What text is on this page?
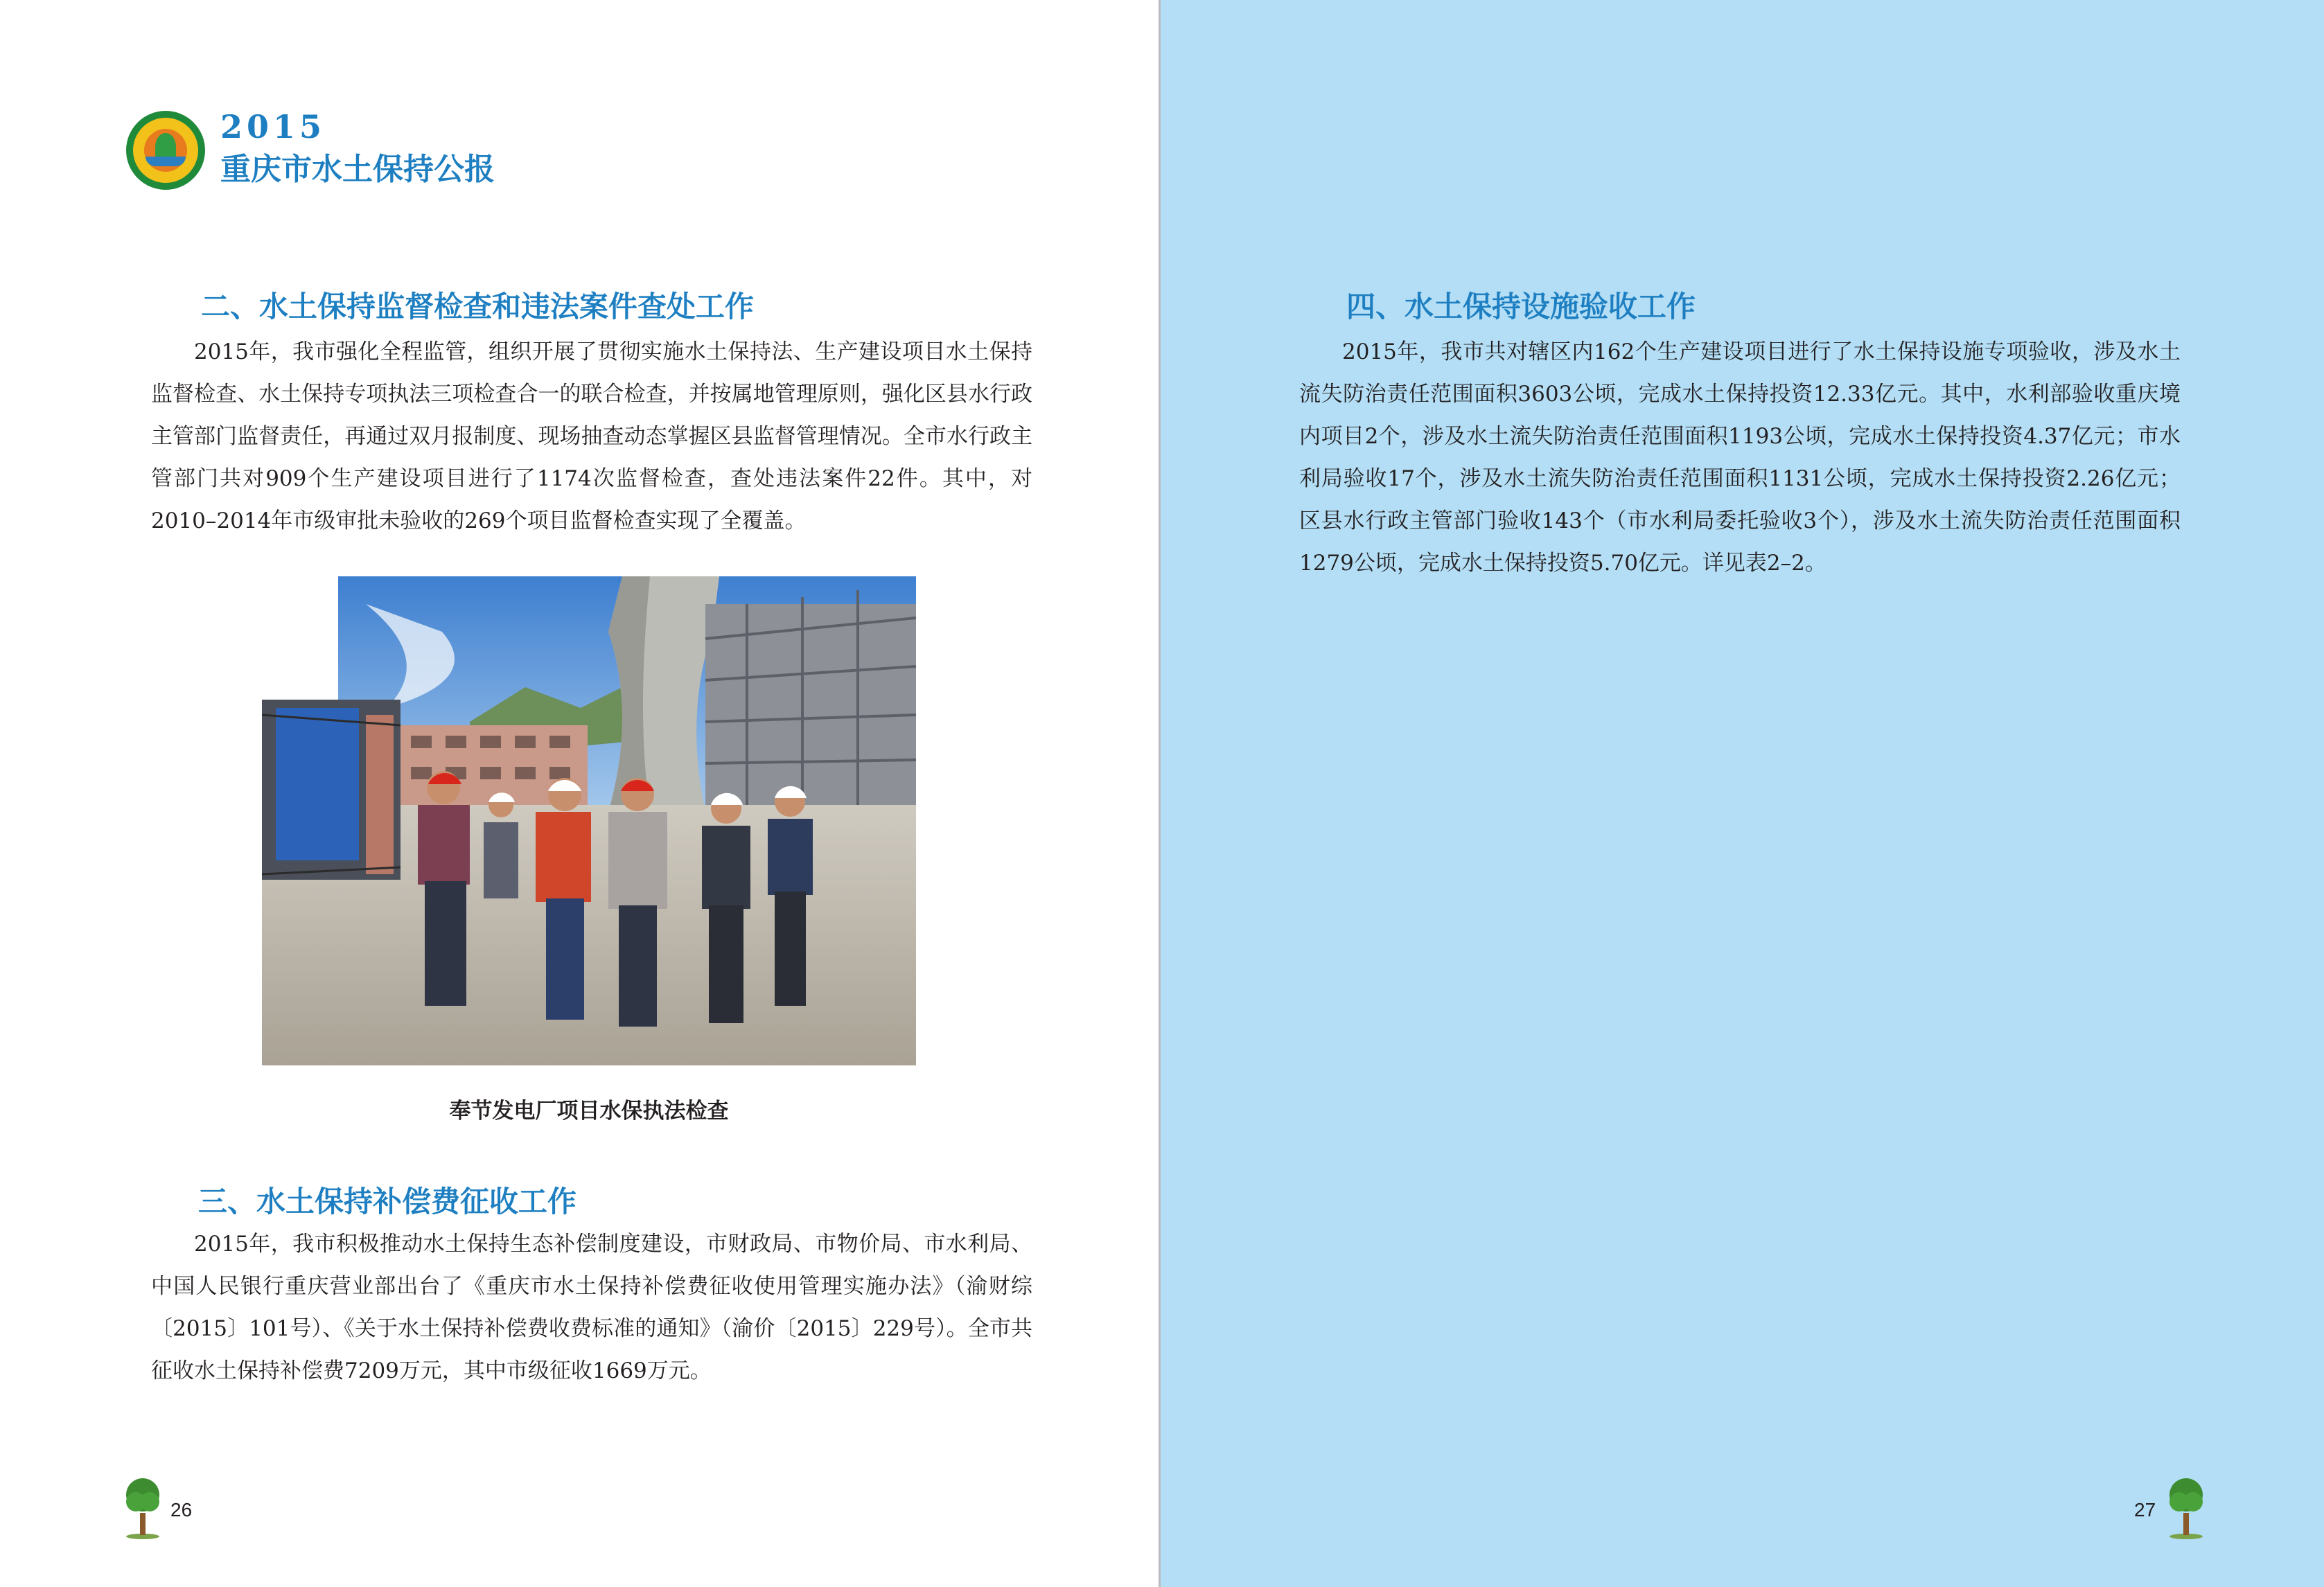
2015
重庆市水土保持公报
二、水土保持监督检查和违法案件查处工作

2015年，我市强化全程监管，组织开展了贯彻实施水土保持法、生产建设项目水土保持监督检查、水土保持专项执法三项检查合一的联合检查，并按属地管理原则，强化区县水行政主管部门监督责任，再通过双月报制度、现场抽查动态掌握区县监督管理情况。全市水行政主管部门共对909个生产建设项目进行了1174次监督检查，查处违法案件22件。其中，对2010–2014年市级审批未验收的269个项目监督检查实现了全覆盖。

奉节发电厂项目水保执法检查
三、水土保持补偿费征收工作

2015年，我市积极推动水土保持生态补偿制度建设，市财政局、市物价局、市水利局、中国人民银行重庆营业部出台了《重庆市水土保持补偿费征收使用管理实施办法》（渝财综〔2015〕101号）、《关于水土保持补偿费收费标准的通知》（渝价〔2015〕229号）。全市共征收水土保持补偿费7209万元，其中市级征收1669万元。

26
四、水土保持设施验收工作

2015年，我市共对辖区内162个生产建设项目进行了水土保持设施专项验收，涉及水土流失防治责任范围面积3603公顷，完成水土保持投资12.33亿元。其中，水利部验收重庆境内项目2个，涉及水土流失防治责任范围面积1193公顷，完成水土保持投资4.37亿元；市水利局验收17个，涉及水土流失防治责任范围面积1131公顷，完成水土保持投资2.26亿元；区县水行政主管部门验收143个（市水利局委托验收3个），涉及水土流失防治责任范围面积1279公顷，完成水土保持投资5.70亿元。详见表2–2。

27
